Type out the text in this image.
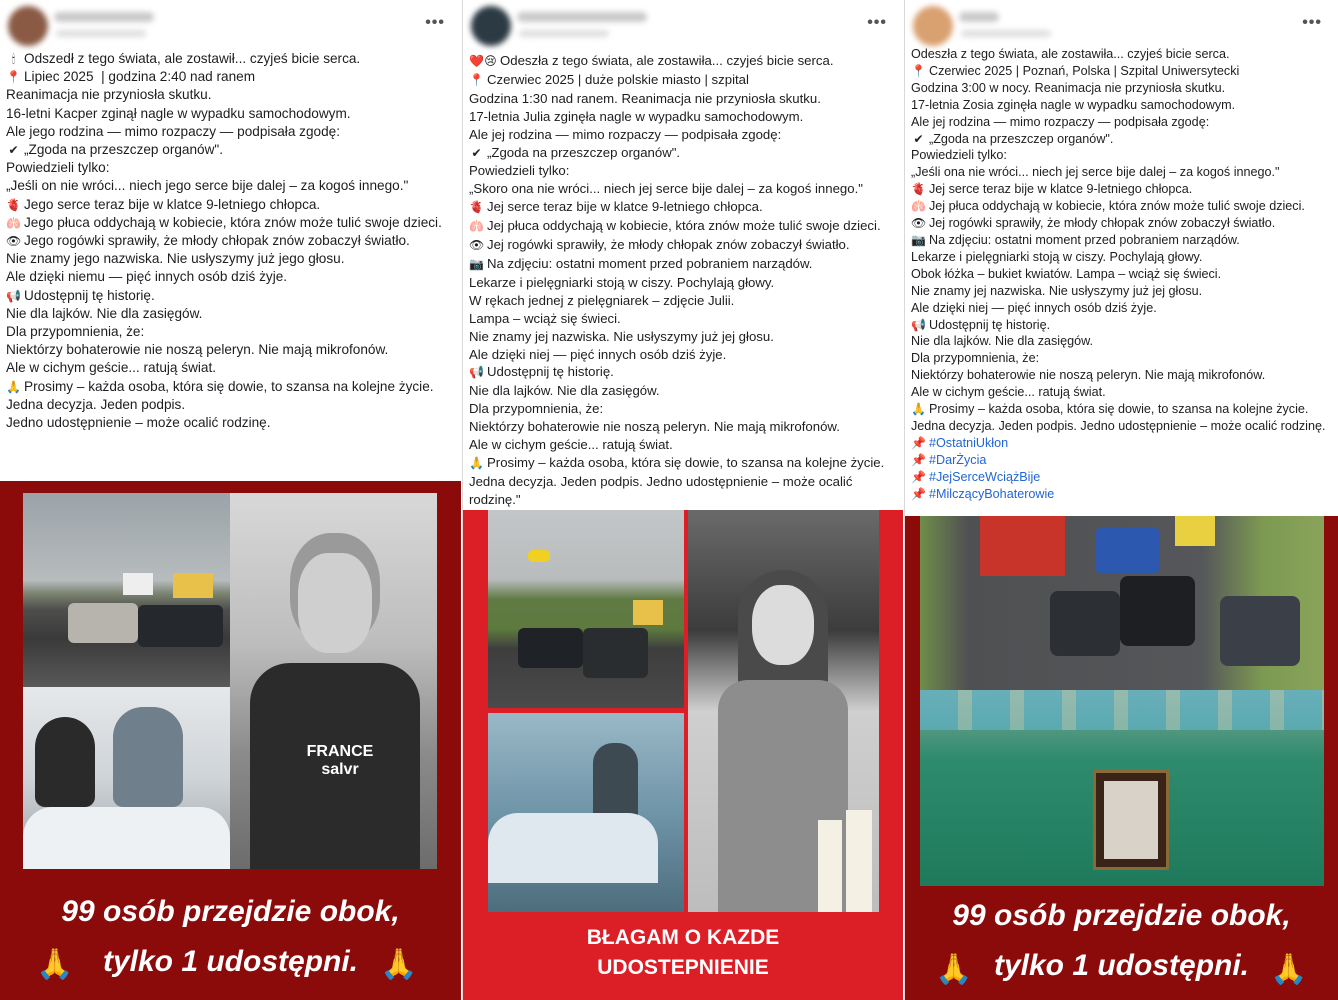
•••
🕯 Odszedł z tego świata, ale zostawił... czyjeś bicie serca.
📍 Lipiec 2025  | godzina 2:40 nad ranem
Reanimacja nie przyniosła skutku.
16-letni Kacper zginął nagle w wypadku samochodowym.
Ale jego rodzina — mimo rozpaczy — podpisała zgodę:
✔ „Zgoda na przeszczep organów".
Powiedzieli tylko:
„Jeśli on nie wróci... niech jego serce bije dalej – za kogoś innego."
🫀 Jego serce teraz bije w klatce 9-letniego chłopca.
🫁 Jego płuca oddychają w kobiecie, która znów może tulić swoje dzieci.
👁 Jego rogówki sprawiły, że młody chłopak znów zobaczył światło.
Nie znamy jego nazwiska. Nie usłyszymy już jego głosu.
Ale dzięki niemu — pięć innych osób dziś żyje.
📢 Udostępnij tę historię.
Nie dla lajków. Nie dla zasięgów.
Dla przypomnienia, że:
Niektórzy bohaterowie nie noszą peleryn. Nie mają mikrofonów.
Ale w cichym geście... ratują świat.
🙏 Prosimy – każda osoba, która się dowie, to szansa na kolejne życie.
Jedna decyzja. Jeden podpis.
Jedno udostępnienie – może ocalić rodzinę.
FRANCE
salvr
99 osób przejdzie obok,
tylko 1 udostępni.
🙏	🙏
•••
❤️😢 Odeszła z tego świata, ale zostawiła... czyjeś bicie serca.
📍 Czerwiec 2025 | duże polskie miasto | szpital
Godzina 1:30 nad ranem. Reanimacja nie przyniosła skutku.
17-letnia Julia zginęła nagle w wypadku samochodowym.
Ale jej rodzina — mimo rozpaczy — podpisała zgodę:
✔ „Zgoda na przeszczep organów".
Powiedzieli tylko:
„Skoro ona nie wróci... niech jej serce bije dalej – za kogoś innego."
🫀 Jej serce teraz bije w klatce 9-letniego chłopca.
🫁 Jej płuca oddychają w kobiecie, która znów może tulić swoje dzieci.
👁 Jej rogówki sprawiły, że młody chłopak znów zobaczył światło.
📷 Na zdjęciu: ostatni moment przed pobraniem narządów.
Lekarze i pielęgniarki stoją w ciszy. Pochylają głowy.
W rękach jednej z pielęgniarek – zdjęcie Julii.
Lampa – wciąż się świeci.
Nie znamy jej nazwiska. Nie usłyszymy już jej głosu.
Ale dzięki niej — pięć innych osób dziś żyje.
📢 Udostępnij tę historię.
Nie dla lajków. Nie dla zasięgów.
Dla przypomnienia, że:
Niektórzy bohaterowie nie noszą peleryn. Nie mają mikrofonów.
Ale w cichym geście... ratują świat.
🙏 Prosimy – każda osoba, która się dowie, to szansa na kolejne życie.
Jedna decyzja. Jeden podpis. Jedno udostępnienie – może ocalić rodzinę."
BŁAGAM O KAZDE
UDOSTEPNIENIE
•••
Odeszła z tego świata, ale zostawiła... czyjeś bicie serca.
📍 Czerwiec 2025 | Poznań, Polska | Szpital Uniwersytecki
Godzina 3:00 w nocy. Reanimacja nie przyniosła skutku.
17-letnia Zosia zginęła nagle w wypadku samochodowym.
Ale jej rodzina — mimo rozpaczy — podpisała zgodę:
✔ „Zgoda na przeszczep organów".
Powiedzieli tylko:
„Jeśli ona nie wróci... niech jej serce bije dalej – za kogoś innego."
🫀 Jej serce teraz bije w klatce 9-letniego chłopca.
🫁 Jej płuca oddychają w kobiecie, która znów może tulić swoje dzieci.
👁 Jej rogówki sprawiły, że młody chłopak znów zobaczył światło.
📷 Na zdjęciu: ostatni moment przed pobraniem narządów.
Lekarze i pielęgniarki stoją w ciszy. Pochylają głowy.
Obok łóżka – bukiet kwiatów. Lampa – wciąż się świeci.
Nie znamy jej nazwiska. Nie usłyszymy już jej głosu.
Ale dzięki niej — pięć innych osób dziś żyje.
📢 Udostępnij tę historię.
Nie dla lajków. Nie dla zasięgów.
Dla przypomnienia, że:
Niektórzy bohaterowie nie noszą peleryn. Nie mają mikrofonów.
Ale w cichym geście... ratują świat.
🙏 Prosimy – każda osoba, która się dowie, to szansa na kolejne życie.
Jedna decyzja. Jeden podpis. Jedno udostępnienie – może ocalić rodzinę.
📌 #OstatniUkłon
📌 #DarŻycia
📌 #JejSerceWciążBije
📌 #MilczącyBohaterowie
99 osób przejdzie obok,
tylko 1 udostępni.
🙏	🙏
